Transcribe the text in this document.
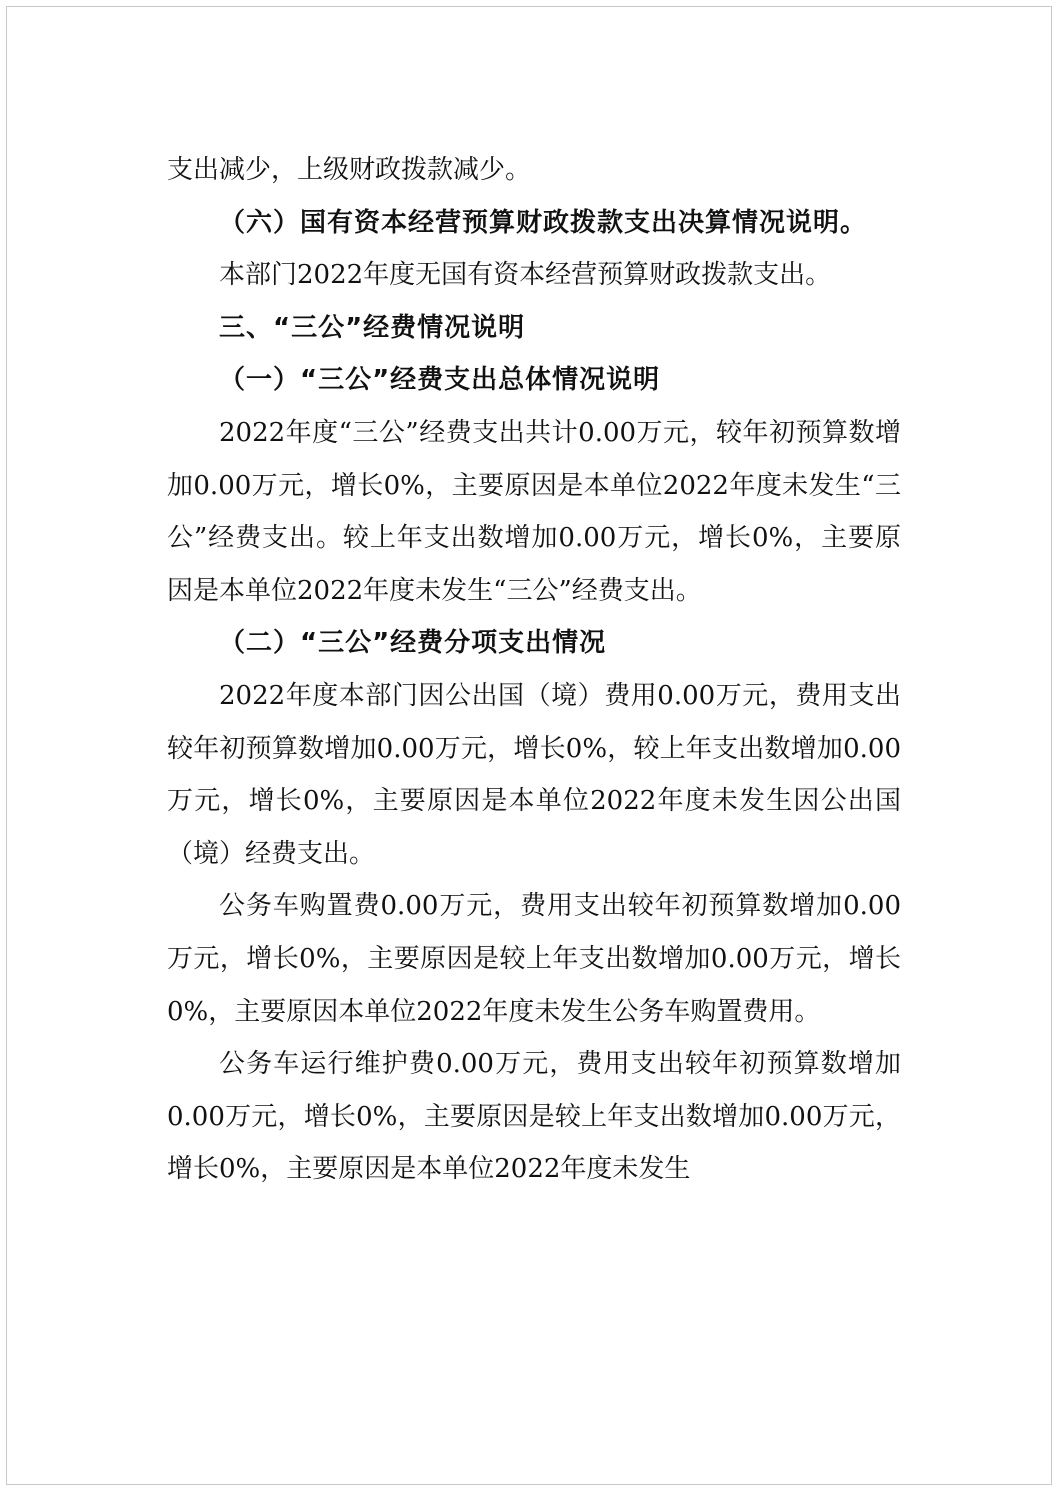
支出减少，上级财政拨款减少。

（六）国有资本经营预算财政拨款支出决算情况说明。

本部门2022年度无国有资本经营预算财政拨款支出。

三、“三公”经费情况说明

（一）“三公”经费支出总体情况说明

2022年度“三公”经费支出共计0.00万元，较年初预算数增加0.00万元，增长0%，主要原因是本单位2022年度未发生“三公”经费支出。较上年支出数增加0.00万元，增长0%，主要原因是本单位2022年度未发生“三公”经费支出。

（二）“三公”经费分项支出情况

2022年度本部门因公出国（境）费用0.00万元，费用支出较年初预算数增加0.00万元，增长0%，较上年支出数增加0.00万元，增长0%，主要原因是本单位2022年度未发生因公出国（境）经费支出。

公务车购置费0.00万元，费用支出较年初预算数增加0.00万元，增长0%，主要原因是较上年支出数增加0.00万元，增长0%，主要原因本单位2022年度未发生公务车购置费用。

公务车运行维护费0.00万元，费用支出较年初预算数增加0.00万元，增长0%，主要原因是较上年支出数增加0.00万元，增长0%，主要原因是本单位2022年度未发生
